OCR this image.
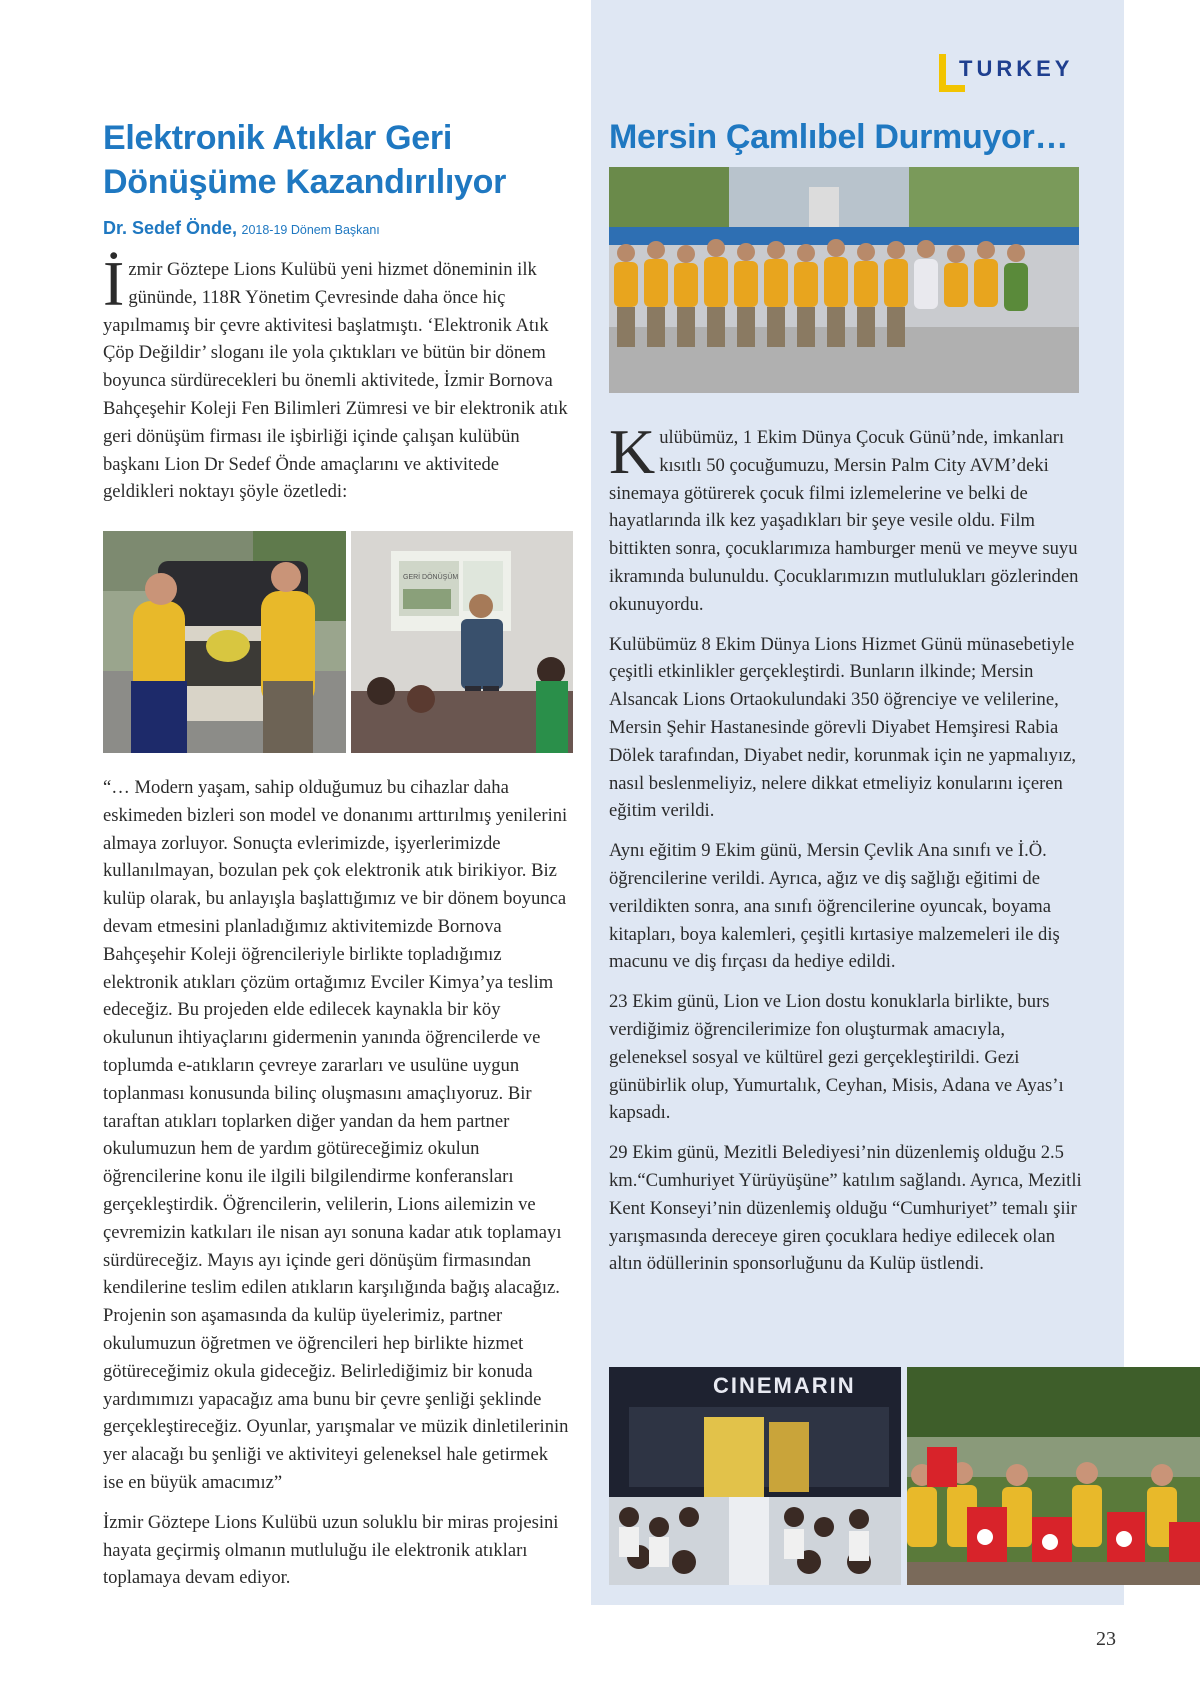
TURKEY
Elektronik Atıklar Geri Dönüşüme Kazandırılıyor
Dr. Sedef Önde, 2018-19 Dönem Başkanı

İzmir Göztepe Lions Kulübü yeni hizmet döneminin ilk gününde, 118R Yönetim Çevresinde daha önce hiç yapılmamış bir çevre aktivitesi başlatmıştı. ‘Elektronik Atık Çöp Değildir’ sloganı ile yola çıktıkları ve bütün bir dönem boyunca sürdürecekleri bu önemli aktivitede, İzmir Bornova Bahçeşehir Koleji Fen Bilimleri Zümresi ve bir elektronik atık geri dönüşüm firması ile işbirliği içinde çalışan kulübün başkanı Lion Dr Sedef Önde amaçlarını ve aktivitede geldikleri noktayı şöyle özetledi:

GERİ DÖNÜŞÜM

“… Modern yaşam, sahip olduğumuz bu cihazlar daha eskimeden bizleri son model ve donanımı arttırılmış yenilerini almaya zorluyor. Sonuçta evlerimizde, işyerlerimizde kullanılmayan, bozulan pek çok elektronik atık birikiyor. Biz kulüp olarak, bu anlayışla başlattığımız ve bir dönem boyunca devam etmesini planladığımız aktivitemizde Bornova Bahçeşehir Koleji öğrencileriyle birlikte topladığımız elektronik atıkları çözüm ortağımız Evciler Kimya’ya teslim edeceğiz. Bu projeden elde edilecek kaynakla bir köy okulunun ihtiyaçlarını gidermenin yanında öğrencilerde ve toplumda e-atıkların çevreye zararları ve usulüne uygun toplanması konusunda bilinç oluşmasını amaçlıyoruz. Bir taraftan atıkları toplarken diğer yandan da hem partner okulumuzun hem de yardım götüreceğimiz okulun öğrencilerine konu ile ilgili bilgilendirme konferansları gerçekleştirdik. Öğrencilerin, velilerin, Lions ailemizin ve çevremizin katkıları ile nisan ayı sonuna kadar atık toplamayı sürdüreceğiz. Mayıs ayı içinde geri dönüşüm firmasından kendilerine teslim edilen atıkların karşılığında bağış alacağız. Projenin son aşamasında da kulüp üyelerimiz, partner okulumuzun öğretmen ve öğrencileri hep birlikte hizmet götüreceğimiz okula gideceğiz. Belirlediğimiz bir konuda yardımımızı yapacağız ama bunu bir çevre şenliği şeklinde gerçekleştireceğiz. Oyunlar, yarışmalar ve müzik dinletilerinin yer alacağı bu şenliği ve aktiviteyi geleneksel hale getirmek ise en büyük amacımız”

İzmir Göztepe Lions Kulübü uzun soluklu bir miras projesini hayata geçirmiş olmanın mutluluğu ile elektronik atıkları toplamaya devam ediyor.

Mersin Çamlıbel Durmuyor…

Kulübümüz, 1 Ekim Dünya Çocuk Günü’nde, imkanları kısıtlı 50 çocuğumuzu, Mersin Palm City AVM’deki sinemaya götürerek çocuk filmi izlemelerine ve belki de hayatlarında ilk kez yaşadıkları bir şeye vesile oldu. Film bittikten sonra, çocuklarımıza hamburger menü ve meyve suyu ikramında bulunuldu. Çocuklarımızın mutlulukları gözlerinden okunuyordu.

Kulübümüz 8 Ekim Dünya Lions Hizmet Günü münasebetiyle çeşitli etkinlikler gerçekleştirdi. Bunların ilkinde; Mersin Alsancak Lions Ortaokulundaki 350 öğrenciye ve velilerine, Mersin Şehir Hastanesinde görevli Diyabet Hemşiresi Rabia Dölek tarafından, Diyabet nedir, korunmak için ne yapmalıyız, nasıl beslenmeliyiz, nelere dikkat etmeliyiz konularını içeren eğitim verildi.

Aynı eğitim 9 Ekim günü, Mersin Çevlik Ana sınıfı ve İ.Ö. öğrencilerine verildi. Ayrıca, ağız ve diş sağlığı eğitimi de verildikten sonra, ana sınıfı öğrencilerine oyuncak, boyama kitapları, boya kalemleri, çeşitli kırtasiye malzemeleri ile diş macunu ve diş fırçası da hediye edildi.

23 Ekim günü, Lion ve Lion dostu konuklarla birlikte, burs verdiğimiz öğrencilerimize fon oluşturmak amacıyla, geleneksel sosyal ve kültürel gezi gerçekleştirildi. Gezi günübirlik olup, Yumurtalık, Ceyhan, Misis, Adana ve Ayas’ı kapsadı.

29 Ekim günü, Mezitli Belediyesi’nin düzenlemiş olduğu 2.5 km.“Cumhuriyet Yürüyüşüne” katılım sağlandı. Ayrıca, Mezitli Kent Konseyi’nin düzenlemiş olduğu “Cumhuriyet” temalı şiir yarışmasında dereceye giren çocuklara hediye edilecek olan altın ödüllerinin sponsorluğunu da Kulüp üstlendi.

CINEMARIN
23
